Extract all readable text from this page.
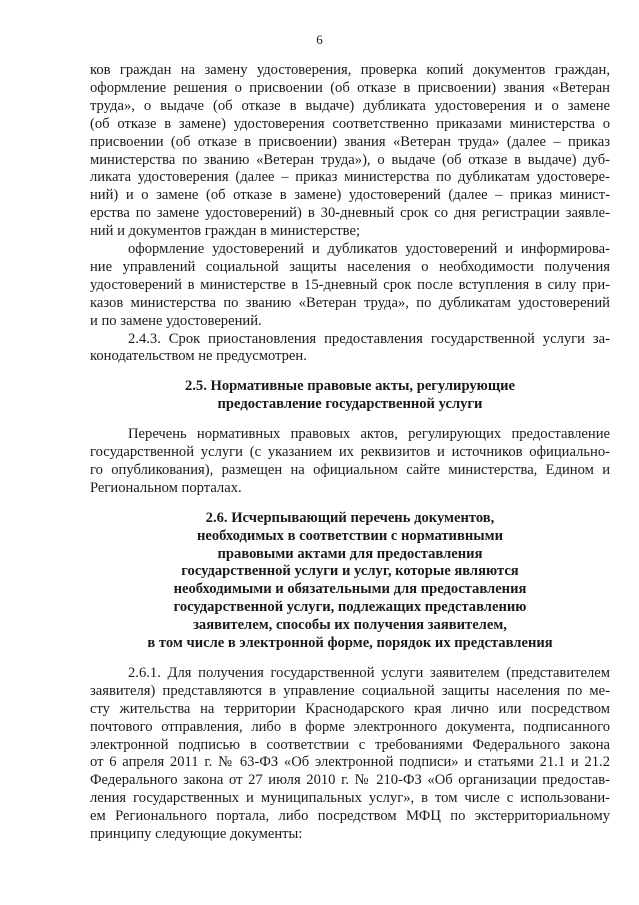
6

ков граждан на замену удостоверения, проверка копий документов граждан,

оформление решения о присвоении (об отказе в присвоении) звания «Ветеран

труда», о выдаче (об отказе в выдаче) дубликата удостоверения и о замене

(об отказе в замене) удостоверения соответственно приказами министерства о

присвоении (об отказе в присвоении) звания «Ветеран труда» (далее – приказ

министерства по званию «Ветеран труда»), о выдаче (об отказе в выдаче) дуб-

ликата удостоверения (далее – приказ министерства по дубликатам удостовере-

ний) и о замене (об отказе в замене) удостоверений (далее – приказ минист-

ерства по замене удостоверений) в 30-дневный срок со дня регистрации заявле-

ний и документов граждан в министерстве;

оформление удостоверений и дубликатов удостоверений и информирова-

ние управлений социальной защиты населения о необходимости получения

удостоверений в министерстве в 15-дневный срок после вступления в силу при-

казов министерства по званию «Ветеран труда», по дубликатам удостоверений

и по замене удостоверений.

2.4.3. Срок приостановления предоставления государственной услуги за-

конодательством не предусмотрен.

2.5. Нормативные правовые акты, регулирующие

предоставление государственной услуги

Перечень нормативных правовых актов, регулирующих предоставление

государственной услуги (с указанием их реквизитов и источников официально-

го опубликования), размещен на официальном сайте министерства, Едином и

Региональном порталах.

2.6. Исчерпывающий перечень документов,

необходимых в соответствии с нормативными

правовыми актами для предоставления

государственной услуги и услуг, которые являются

необходимыми и обязательными для предоставления

государственной услуги, подлежащих представлению

заявителем, способы их получения заявителем,

в том числе в электронной форме, порядок их представления

2.6.1. Для получения государственной услуги заявителем (представителем

заявителя) представляются в управление социальной защиты населения по ме-

сту жительства на территории Краснодарского края лично или посредством

почтового отправления, либо в форме электронного документа, подписанного

электронной подписью в соответствии с требованиями Федерального закона

от 6 апреля 2011 г. № 63-ФЗ «Об электронной подписи» и статьями 21.1 и 21.2

Федерального закона от 27 июля 2010 г. № 210-ФЗ «Об организации предостав-

ления государственных и муниципальных услуг», в том числе с использовани-

ем Регионального портала, либо посредством МФЦ по экстерриториальному

принципу следующие документы:
